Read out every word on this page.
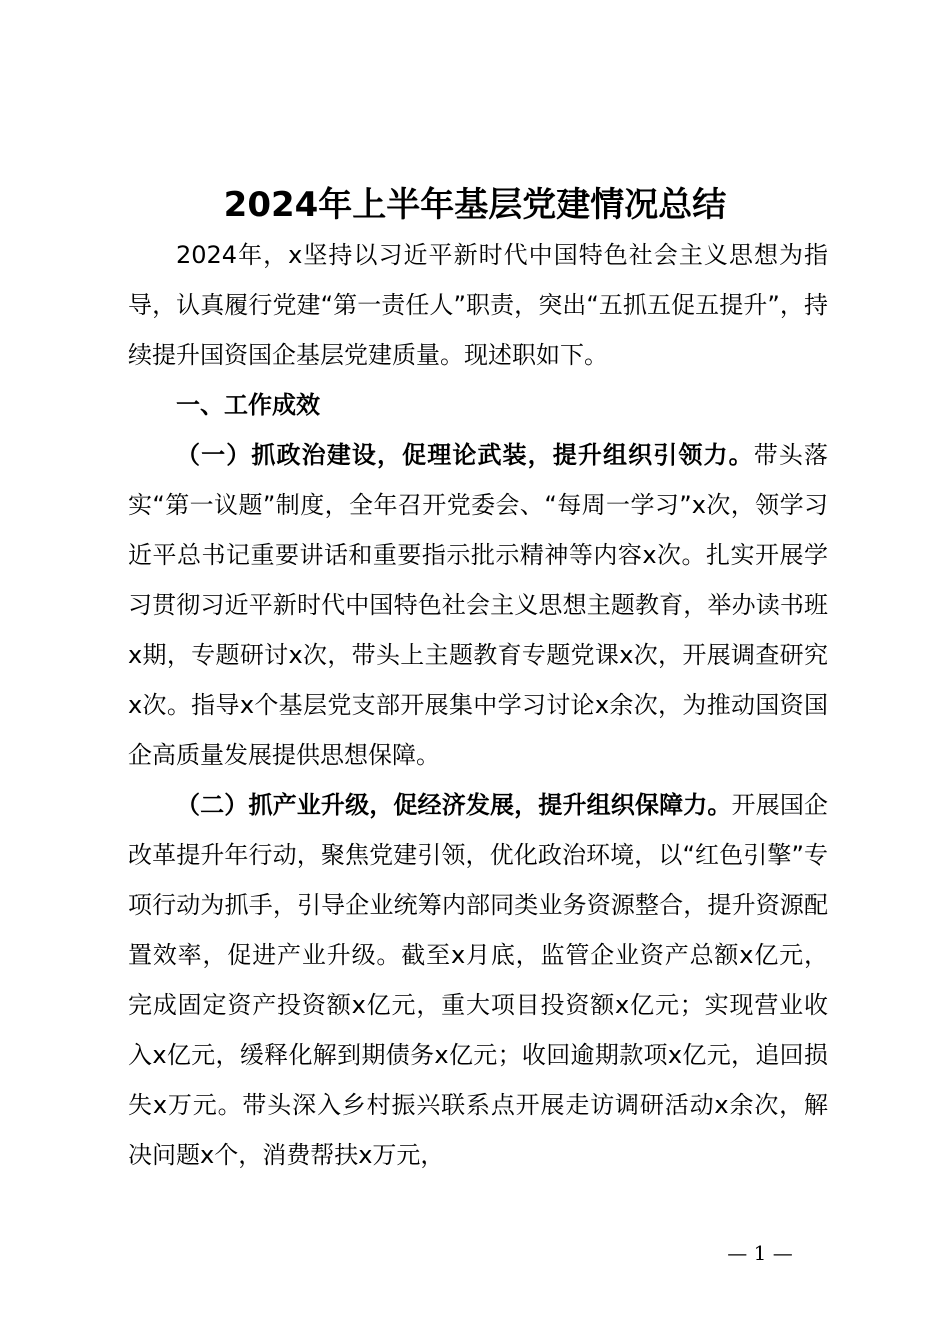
2024年上半年基层党建情况总结

2024年，x坚持以习近平新时代中国特色社会主义思想为指导，认真履行党建“第一责任人”职责，突出“五抓五促五提升”，持续提升国资国企基层党建质量。现述职如下。

一、工作成效

（一）抓政治建设，促理论武装，提升组织引领力。带头落实“第一议题”制度，全年召开党委会、“每周一学习”x次，领学习近平总书记重要讲话和重要指示批示精神等内容x次。扎实开展学习贯彻习近平新时代中国特色社会主义思想主题教育，举办读书班x期，专题研讨x次，带头上主题教育专题党课x次，开展调查研究x次。指导x个基层党支部开展集中学习讨论x余次，为推动国资国企高质量发展提供思想保障。

（二）抓产业升级，促经济发展，提升组织保障力。开展国企改革提升年行动，聚焦党建引领，优化政治环境，以“红色引擎”专项行动为抓手，引导企业统筹内部同类业务资源整合，提升资源配置效率，促进产业升级。截至x月底，监管企业资产总额x亿元，完成固定资产投资额x亿元，重大项目投资额x亿元；实现营业收入x亿元，缓释化解到期债务x亿元；收回逾期款项x亿元，追回损失x万元。带头深入乡村振兴联系点开展走访调研活动x余次，解决问题x个，消费帮扶x万元，

— 1 —
